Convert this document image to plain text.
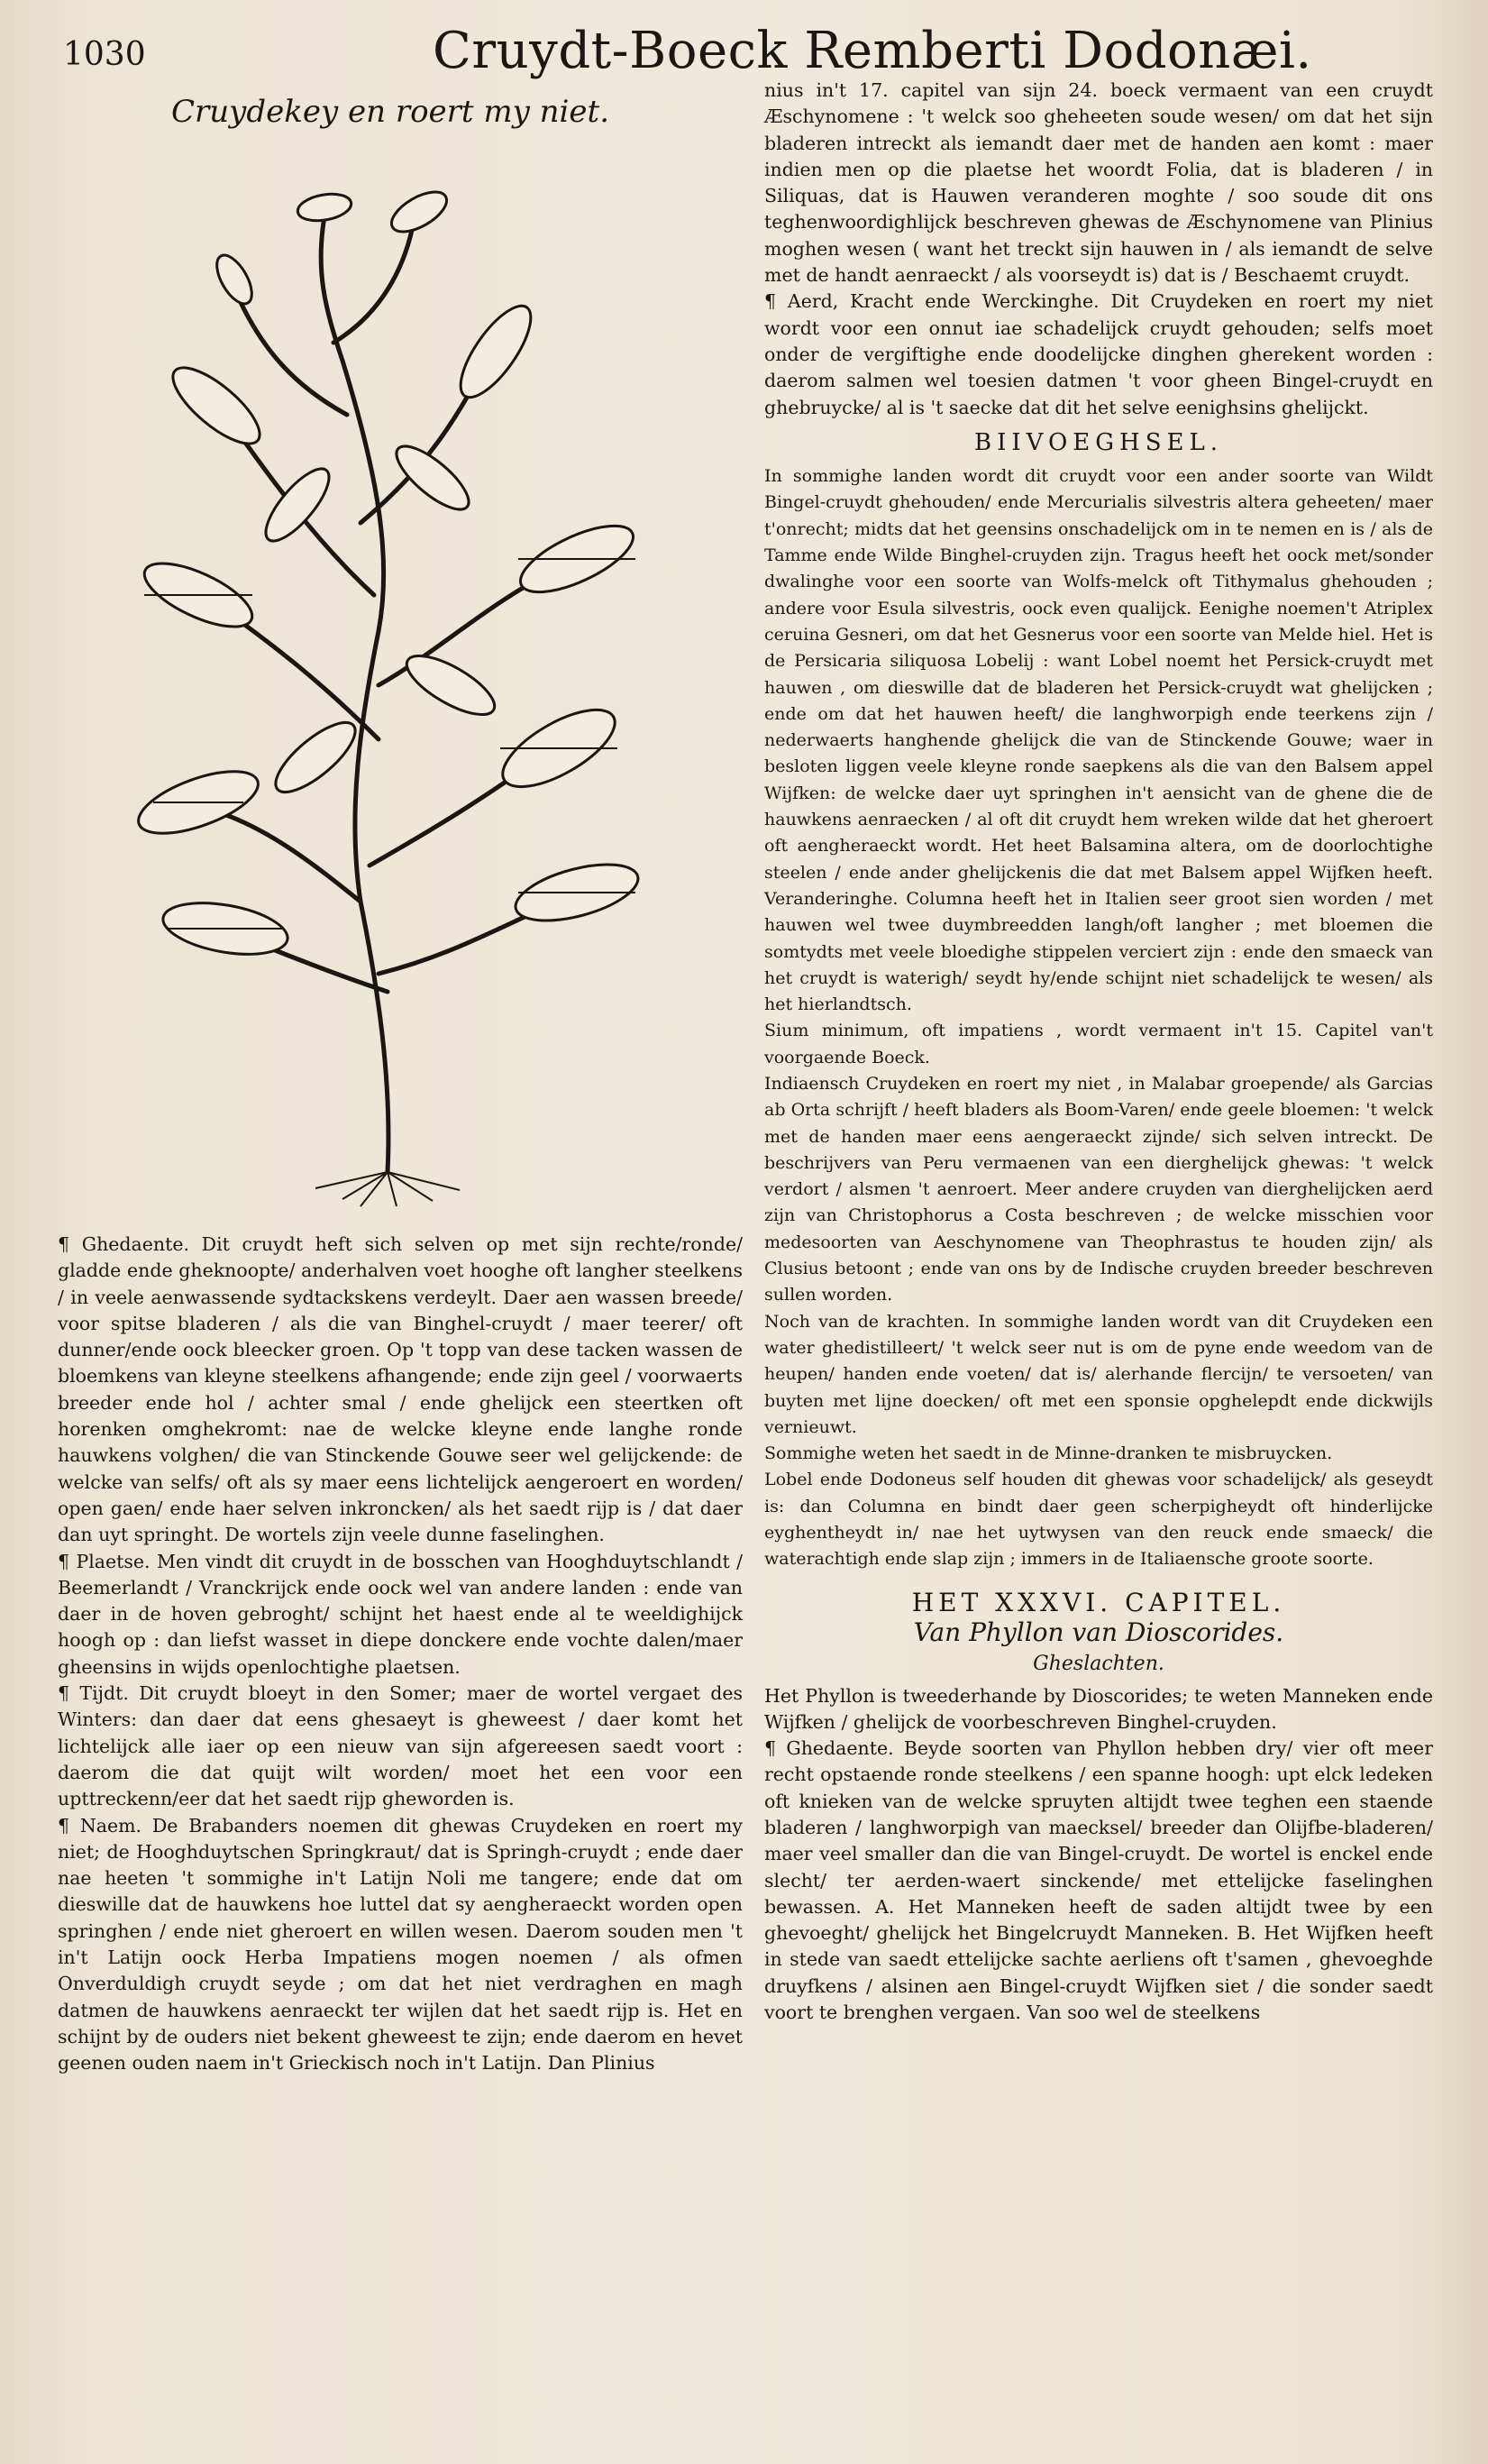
1030	Cruydt-Boeck Remberti Dodonæi.
Cruydekey en roert my niet.

¶ Ghedaente. Dit cruydt heft sich selven op met sijn rechte/ronde/ gladde ende gheknoopte/ anderhalven voet hooghe oft langher steelkens / in veele aenwassende sydtackskens verdeylt. Daer aen wassen breede/ voor spitse bladeren / als die van Binghel-cruydt / maer teerer/ oft dunner/ende oock bleecker groen. Op 't topp van dese tacken wassen de bloemkens van kleyne steelkens afhangende; ende zijn geel / voorwaerts breeder ende hol / achter smal / ende ghelijck een steertken oft horenken omghekromt: nae de welcke kleyne ende langhe ronde hauwkens volghen/ die van Stinckende Gouwe seer wel gelijckende: de welcke van selfs/ oft als sy maer eens lichtelijck aengeroert en worden/ open gaen/ ende haer selven inkroncken/ als het saedt rijp is / dat daer dan uyt springht. De wortels zijn veele dunne faselinghen.

¶ Plaetse. Men vindt dit cruydt in de bosschen van Hooghduytschlandt / Beemerlandt / Vranckrijck ende oock wel van andere landen : ende van daer in de hoven gebroght/ schijnt het haest ende al te weeldighijck hoogh op : dan liefst wasset in diepe donckere ende vochte dalen/maer gheensins in wijds openlochtighe plaetsen.

¶ Tijdt. Dit cruydt bloeyt in den Somer; maer de wortel vergaet des Winters: dan daer dat eens ghesaeyt is gheweest / daer komt het lichtelijck alle iaer op een nieuw van sijn afgereesen saedt voort : daerom die dat quijt wilt worden/ moet het een voor een upttreckenn/eer dat het saedt rijp gheworden is.

¶ Naem. De Brabanders noemen dit ghewas Cruydeken en roert my niet; de Hooghduytschen Springkraut/ dat is Springh-cruydt ; ende daer nae heeten 't sommighe in't Latijn Noli me tangere; ende dat om dieswille dat de hauwkens hoe luttel dat sy aengheraeckt worden open springhen / ende niet gheroert en willen wesen. Daerom souden men 't in't Latijn oock Herba Impatiens mogen noemen / als ofmen Onverduldigh cruydt seyde ; om dat het niet verdraghen en magh datmen de hauwkens aenraeckt ter wijlen dat het saedt rijp is. Het en schijnt by de ouders niet bekent gheweest te zijn; ende daerom en hevet geenen ouden naem in't Grieckisch noch in't Latijn. Dan Plinius

nius in't 17. capitel van sijn 24. boeck vermaent van een cruydt Æschynomene : 't welck soo gheheeten soude wesen/ om dat het sijn bladeren intreckt als iemandt daer met de handen aen komt : maer indien men op die plaetse het woordt Folia, dat is bladeren / in Siliquas, dat is Hauwen veranderen moghte / soo soude dit ons teghenwoordighlijck beschreven ghewas de Æschynomene van Plinius moghen wesen ( want het treckt sijn hauwen in / als iemandt de selve met de handt aenraeckt / als voorseydt is) dat is / Beschaemt cruydt.

¶ Aerd, Kracht ende Werckinghe. Dit Cruydeken en roert my niet wordt voor een onnut iae schadelijck cruydt gehouden; selfs moet onder de vergiftighe ende doodelijcke dinghen gherekent worden : daerom salmen wel toesien datmen 't voor gheen Bingel-cruydt en ghebruycke/ al is 't saecke dat dit het selve eenighsins ghelijckt.

BIIVOEGHSEL.

In sommighe landen wordt dit cruydt voor een ander soorte van Wildt Bingel-cruydt ghehouden/ ende Mercurialis silvestris altera geheeten/ maer t'onrecht; midts dat het geensins onschadelijck om in te nemen en is / als de Tamme ende Wilde Binghel-cruyden zijn. Tragus heeft het oock met/sonder dwalinghe voor een soorte van Wolfs-melck oft Tithymalus ghehouden ; andere voor Esula silvestris, oock even qualijck. Eenighe noemen't Atriplex ceruina Gesneri, om dat het Gesnerus voor een soorte van Melde hiel. Het is de Persicaria siliquosa Lobelij : want Lobel noemt het Persick-cruydt met hauwen , om dieswille dat de bladeren het Persick-cruydt wat ghelijcken ; ende om dat het hauwen heeft/ die langhworpigh ende teerkens zijn / nederwaerts hanghende ghelijck die van de Stinckende Gouwe; waer in besloten liggen veele kleyne ronde saepkens als die van den Balsem appel Wijfken: de welcke daer uyt springhen in't aensicht van de ghene die de hauwkens aenraecken / al oft dit cruydt hem wreken wilde dat het gheroert oft aengheraeckt wordt. Het heet Balsamina altera, om de doorlochtighe steelen / ende ander ghelijckenis die dat met Balsem appel Wijfken heeft. Veranderinghe. Columna heeft het in Italien seer groot sien worden / met hauwen wel twee duymbreedden langh/oft langher ; met bloemen die somtydts met veele bloedighe stippelen verciert zijn : ende den smaeck van het cruydt is waterigh/ seydt hy/ende schijnt niet schadelijck te wesen/ als het hierlandtsch.

Sium minimum, oft impatiens , wordt vermaent in't 15. Capitel van't voorgaende Boeck.

Indiaensch Cruydeken en roert my niet , in Malabar groepende/ als Garcias ab Orta schrijft / heeft bladers als Boom-Varen/ ende geele bloemen: 't welck met de handen maer eens aengeraeckt zijnde/ sich selven intreckt. De beschrijvers van Peru vermaenen van een dierghelijck ghewas: 't welck verdort / alsmen 't aenroert. Meer andere cruyden van dierghelijcken aerd zijn van Christophorus a Costa beschreven ; de welcke misschien voor medesoorten van Aeschynomene van Theophrastus te houden zijn/ als Clusius betoont ; ende van ons by de Indische cruyden breeder beschreven sullen worden.

Noch van de krachten. In sommighe landen wordt van dit Cruydeken een water ghedistilleert/ 't welck seer nut is om de pyne ende weedom van de heupen/ handen ende voeten/ dat is/ alerhande flercijn/ te versoeten/ van buyten met lijne doecken/ oft met een sponsie opghelepdt ende dickwijls vernieuwt.

Sommighe weten het saedt in de Minne-dranken te misbruycken.

Lobel ende Dodoneus self houden dit ghewas voor schadelijck/ als geseydt is: dan Columna en bindt daer geen scherpigheydt oft hinderlijcke eyghentheydt in/ nae het uytwysen van den reuck ende smaeck/ die waterachtigh ende slap zijn ; immers in de Italiaensche groote soorte.

HET XXXVI. CAPITEL.
Van Phyllon van Dioscorides.
Gheslachten.

Het Phyllon is tweederhande by Dioscorides; te weten Manneken ende Wijfken / ghelijck de voorbeschreven Binghel-cruyden.

¶ Ghedaente. Beyde soorten van Phyllon hebben dry/ vier oft meer recht opstaende ronde steelkens / een spanne hoogh: upt elck ledeken oft knieken van de welcke spruyten altijdt twee teghen een staende bladeren / langhworpigh van maecksel/ breeder dan Olijfbe-bladeren/ maer veel smaller dan die van Bingel-cruydt. De wortel is enckel ende slecht/ ter aerden-waert sinckende/ met ettelijcke faselinghen bewassen. A. Het Manneken heeft de saden altijdt twee by een ghevoeght/ ghelijck het Bingelcruydt Manneken. B. Het Wijfken heeft in stede van saedt ettelijcke sachte aerliens oft t'samen , ghevoeghde druyfkens / alsinen aen Bingel-cruydt Wijfken siet / die sonder saedt voort te brenghen vergaen. Van soo wel de steelkens
